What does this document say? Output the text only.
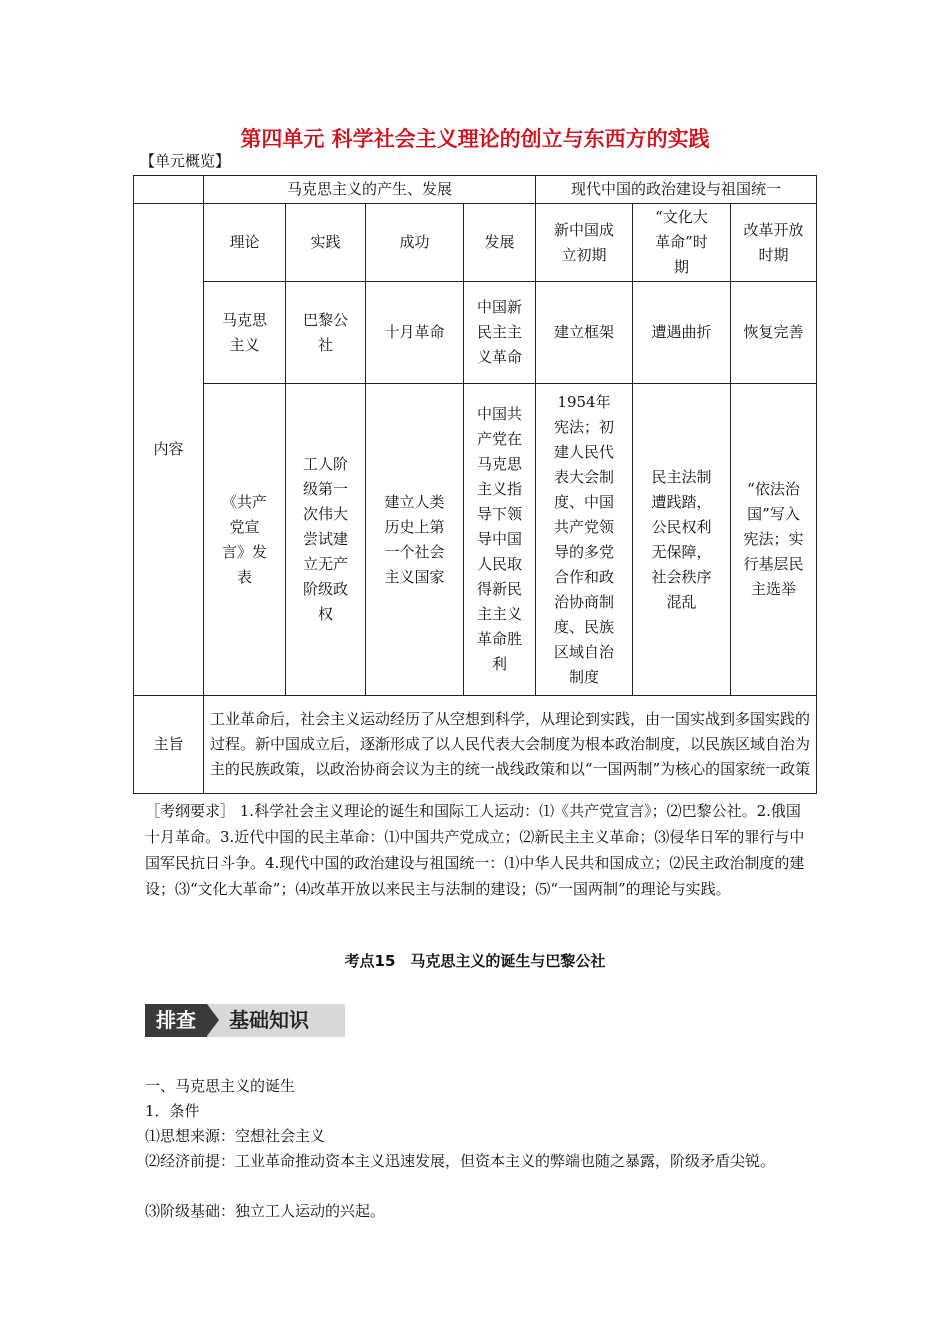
第四单元 科学社会主义理论的创立与东西方的实践
【单元概览】
	马克思主义的产生、发展				现代中国的政治建设与祖国统一		
内容	理论	实践	成功	发展	新中国成立初期	“文化大革命”时期	改革开放时期
	马克思主义	巴黎公社	十月革命	中国新民主主义革命	建立框架	遭遇曲折	恢复完善
	《共产党宣言》发表	工人阶级第一次伟大尝试建立无产阶级政权	建立人类历史上第一个社会主义国家	中国共产党在马克思主义指导下领导中国人民取得新民主主义革命胜利	1954年宪法；初建人民代表大会制度、中国共产党领导的多党合作和政治协商制度、民族区域自治制度	民主法制遭践踏，公民权利无保障，社会秩序混乱	“依法治国”写入宪法；实行基层民主选举
主旨	工业革命后，社会主义运动经历了从空想到科学，从理论到实践，由一国实战到多国实践的过程。新中国成立后，逐渐形成了以人民代表大会制度为根本政治制度，以民族区域自治为主的民族政策，以政治协商会议为主的统一战线政策和以“一国两制”为核心的国家统一政策						
［考纲要求］ 1.科学社会主义理论的诞生和国际工人运动：⑴《共产党宣言》；⑵巴黎公社。2.俄国十月革命。3.近代中国的民主革命：⑴中国共产党成立；⑵新民主主义革命；⑶侵华日军的罪行与中国军民抗日斗争。4.现代中国的政治建设与祖国统一：⑴中华人民共和国成立；⑵民主政治制度的建设；⑶“文化大革命”；⑷改革开放以来民主与法制的建设；⑸“一国两制”的理论与实践。
考点15　马克思主义的诞生与巴黎公社
排查	基础知识
一、马克思主义的诞生
1．条件
⑴思想来源：空想社会主义
⑵经济前提：工业革命推动资本主义迅速发展，但资本主义的弊端也随之暴露，阶级矛盾尖锐。
⑶阶级基础：独立工人运动的兴起。
